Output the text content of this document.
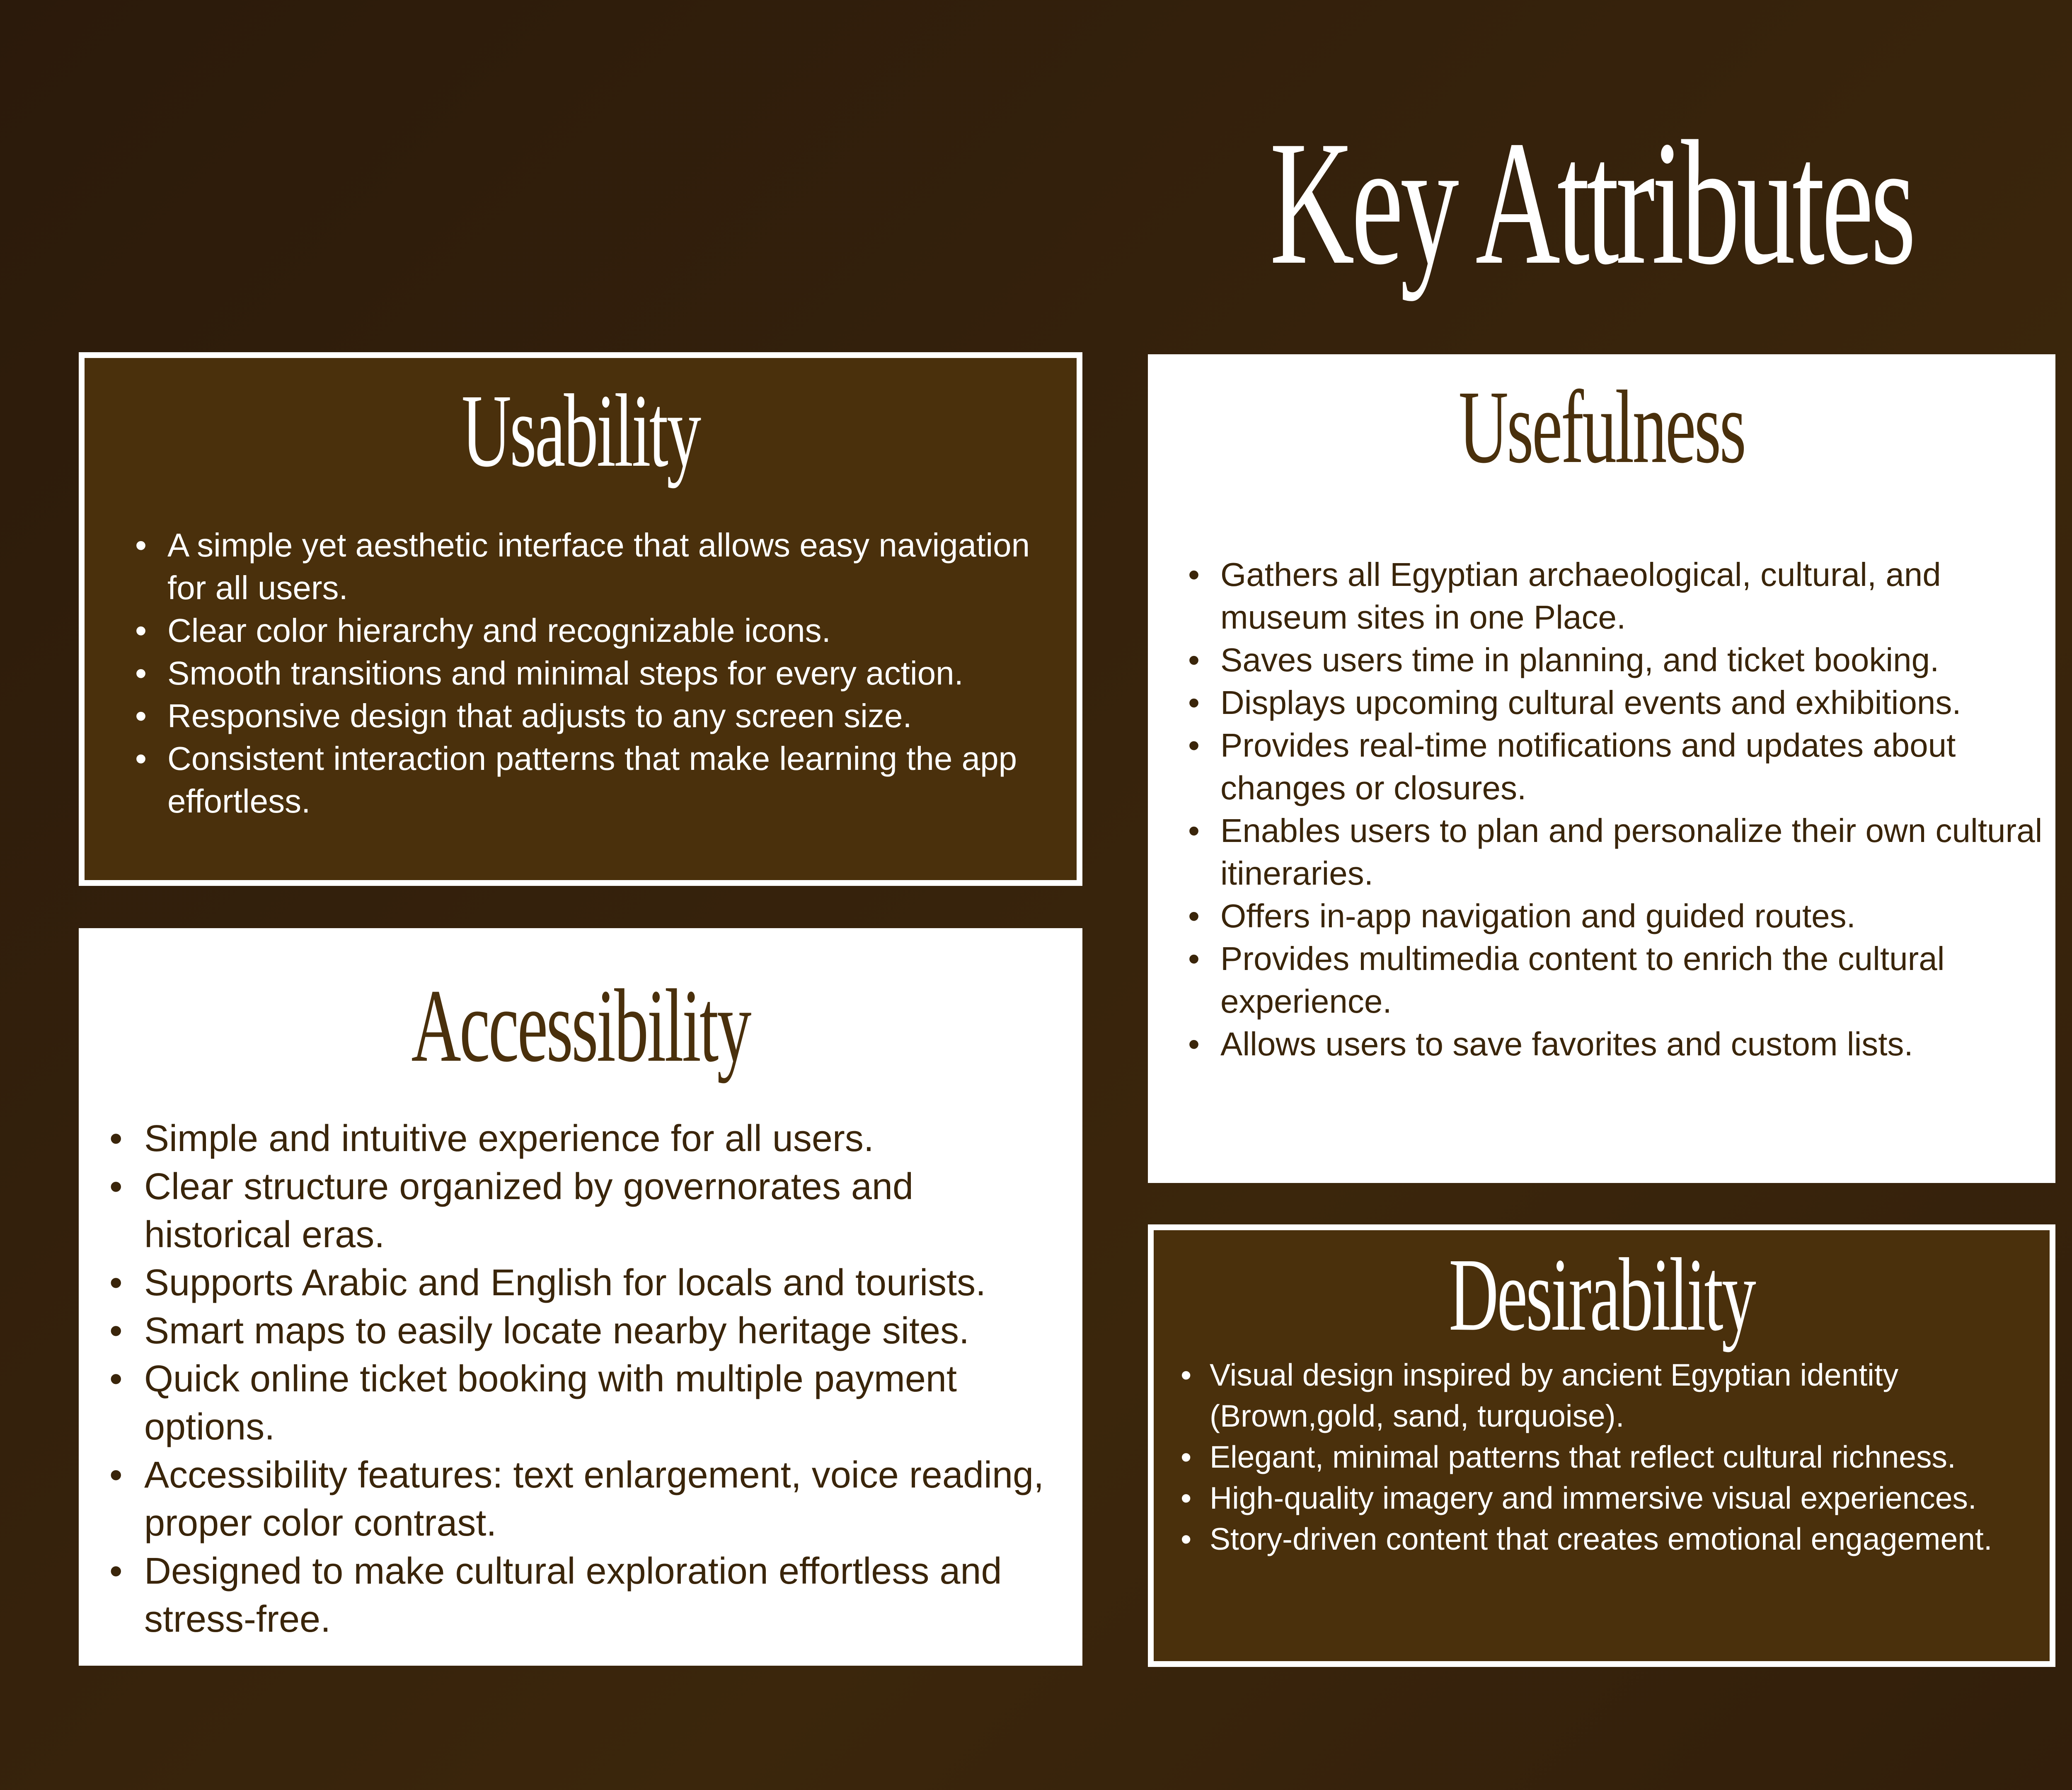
Key Attributes
Usability
• A simple yet aesthetic interface that allows easy navigation for all users.
• Clear color hierarchy and recognizable icons.
• Smooth transitions and minimal steps for every action.
• Responsive design that adjusts to any screen size.
• Consistent interaction patterns that make learning the app effortless.
Usefulness
• Gathers all Egyptian archaeological, cultural, and museum sites in one Place.
• Saves users time in planning, and ticket booking.
• Displays upcoming cultural events and exhibitions.
• Provides real-time notifications and updates about changes or closures.
• Enables users to plan and personalize their own cultural itineraries.
• Offers in-app navigation and guided routes.
• Provides multimedia content to enrich the cultural experience.
• Allows users to save favorites and custom lists.
Accessibility
• Simple and intuitive experience for all users.
• Clear structure organized by governorates and historical eras.
• Supports Arabic and English for locals and tourists.
• Smart maps to easily locate nearby heritage sites.
• Quick online ticket booking with multiple payment options.
• Accessibility features: text enlargement, voice reading, proper color contrast.
• Designed to make cultural exploration effortless and stress-free.
Desirability
• Visual design inspired by ancient Egyptian identity (Brown,gold, sand, turquoise).
• Elegant, minimal patterns that reflect cultural richness.
• High-quality imagery and immersive visual experiences.
• Story-driven content that creates emotional engagement.
